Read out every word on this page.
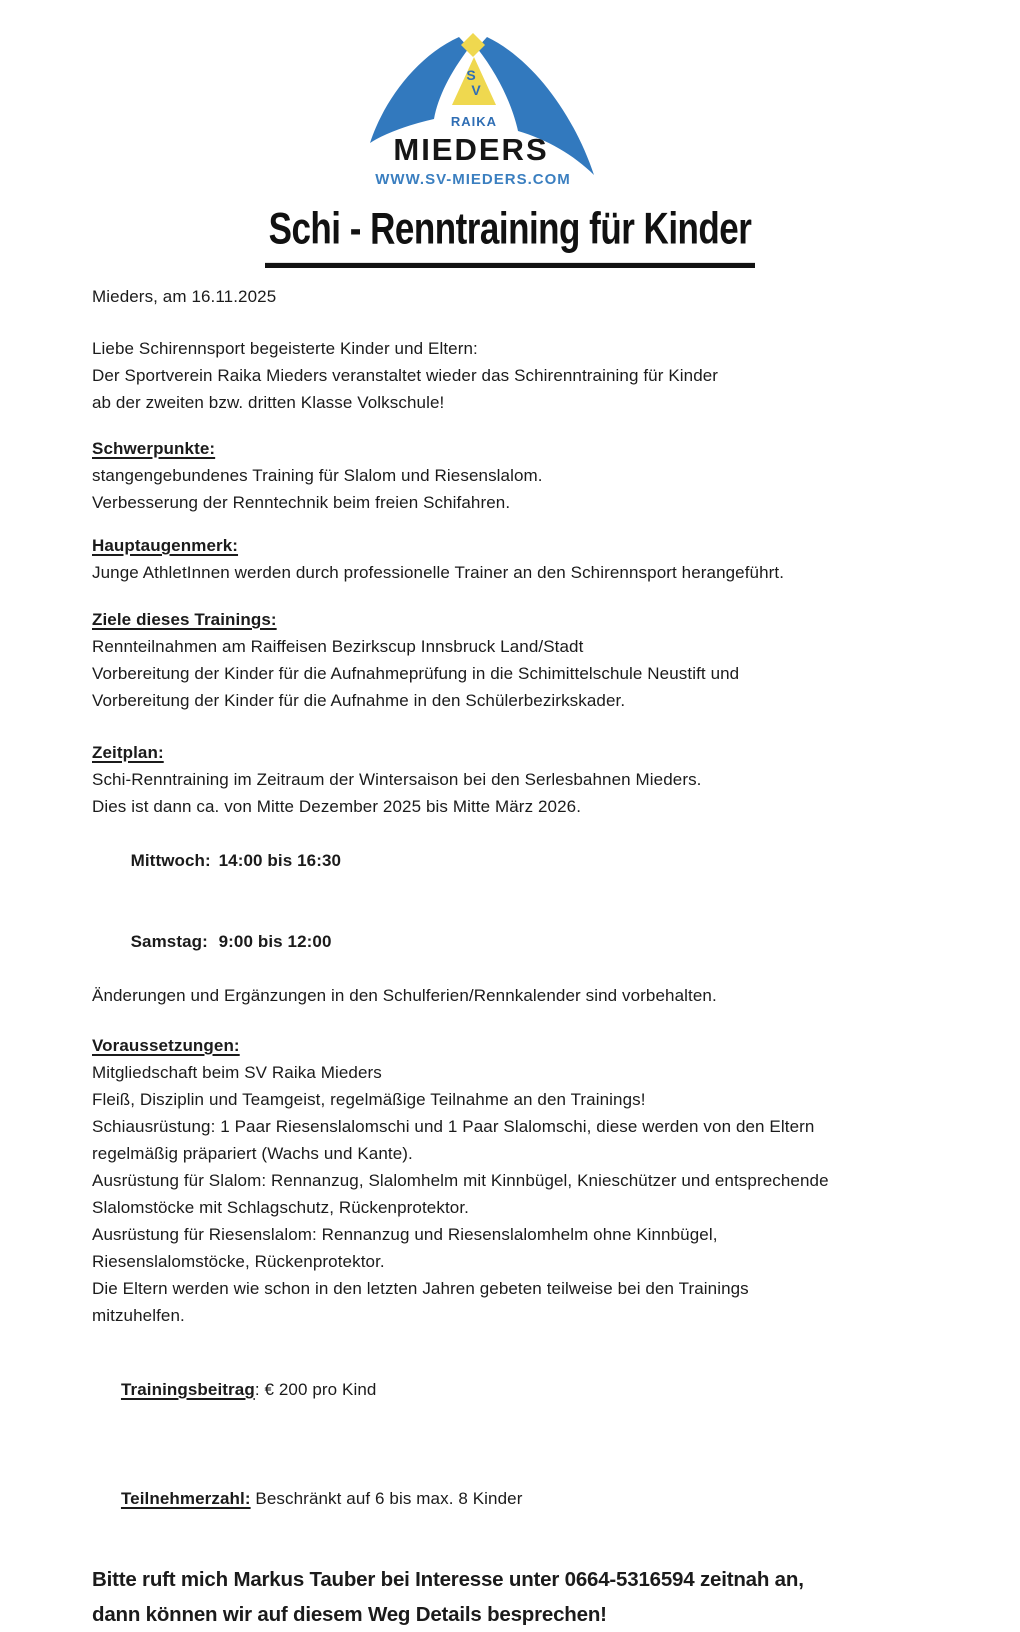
S
V
RAIKA
MIEDERS
WWW.SV-MIEDERS.COM
Schi - Renntraining für Kinder
Mieders, am 16.11.2025
Liebe Schirennsport begeisterte Kinder und Eltern:
Der Sportverein Raika Mieders veranstaltet wieder das Schirenntraining für Kinder
ab der zweiten bzw. dritten Klasse Volkschule!
Schwerpunkte:
stangengebundenes Training für Slalom und Riesenslalom.
Verbesserung der Renntechnik beim freien Schifahren.
Hauptaugenmerk:
Junge AthletInnen werden durch professionelle Trainer an den Schirennsport herangeführt.
Ziele dieses Trainings:
Rennteilnahmen am Raiffeisen Bezirkscup Innsbruck Land/Stadt
Vorbereitung der Kinder für die Aufnahmeprüfung in die Schimittelschule Neustift und
Vorbereitung der Kinder für die Aufnahme in den Schülerbezirkskader.
Zeitplan:
Schi-Renntraining im Zeitraum der Wintersaison bei den Serlesbahnen Mieders.
Dies ist dann ca. von Mitte Dezember 2025 bis Mitte März 2026.

Mittwoch: 14:00 bis 16:30

Samstag: 9:00 bis 12:00

Änderungen und Ergänzungen in den Schulferien/Rennkalender sind vorbehalten.
Voraussetzungen:
Mitgliedschaft beim SV Raika Mieders
Fleiß, Disziplin und Teamgeist, regelmäßige Teilnahme an den Trainings!
Schiausrüstung: 1 Paar Riesenslalomschi und 1 Paar Slalomschi, diese werden von den Eltern
regelmäßig präpariert (Wachs und Kante).
Ausrüstung für Slalom: Rennanzug, Slalomhelm mit Kinnbügel, Knieschützer und entsprechende
Slalomstöcke mit Schlagschutz, Rückenprotektor.
Ausrüstung für Riesenslalom: Rennanzug und Riesenslalomhelm ohne Kinnbügel,
Riesenslalomstöcke, Rückenprotektor.
Die Eltern werden wie schon in den letzten Jahren gebeten teilweise bei den Trainings
mitzuhelfen.

Trainingsbeitrag: € 200 pro Kind

Teilnehmerzahl: Beschränkt auf 6 bis max. 8 Kinder

Bitte ruft mich Markus Tauber bei Interesse unter 0664-5316594 zeitnah an,
dann können wir auf diesem Weg Details besprechen!
